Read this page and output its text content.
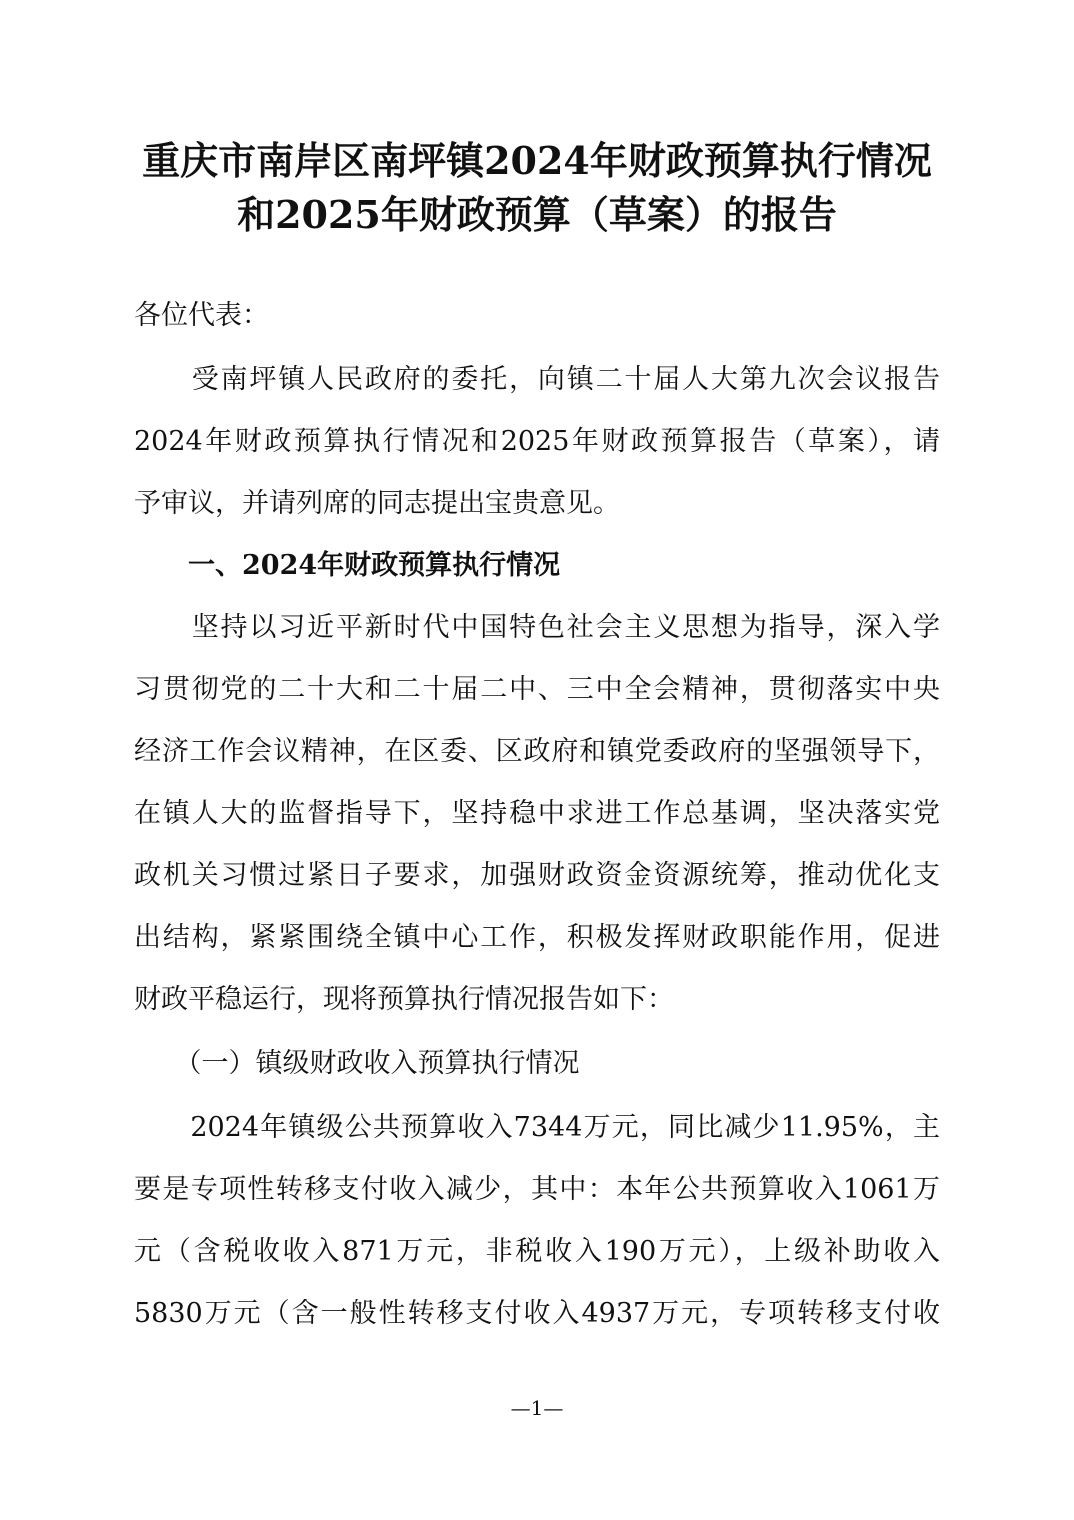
重庆市南岸区南坪镇2024年财政预算执行情况
和2025年财政预算（草案）的报告
各位代表：
　　受南坪镇人民政府的委托，向镇二十届人大第九次会议报告
2024年财政预算执行情况和2025年财政预算报告（草案），请
予审议，并请列席的同志提出宝贵意见。
　　一、2024年财政预算执行情况
　　坚持以习近平新时代中国特色社会主义思想为指导，深入学
习贯彻党的二十大和二十届二中、三中全会精神，贯彻落实中央
经济工作会议精神，在区委、区政府和镇党委政府的坚强领导下，
在镇人大的监督指导下，坚持稳中求进工作总基调，坚决落实党
政机关习惯过紧日子要求，加强财政资金资源统筹，推动优化支
出结构，紧紧围绕全镇中心工作，积极发挥财政职能作用，促进
财政平稳运行，现将预算执行情况报告如下：
　　（一）镇级财政收入预算执行情况
　　2024年镇级公共预算收入7344万元，同比减少11.95%，主
要是专项性转移支付收入减少，其中：本年公共预算收入1061万
元（含税收收入871万元，非税收入190万元），上级补助收入
5830万元（含一般性转移支付收入4937万元，专项转移支付收
—1—
